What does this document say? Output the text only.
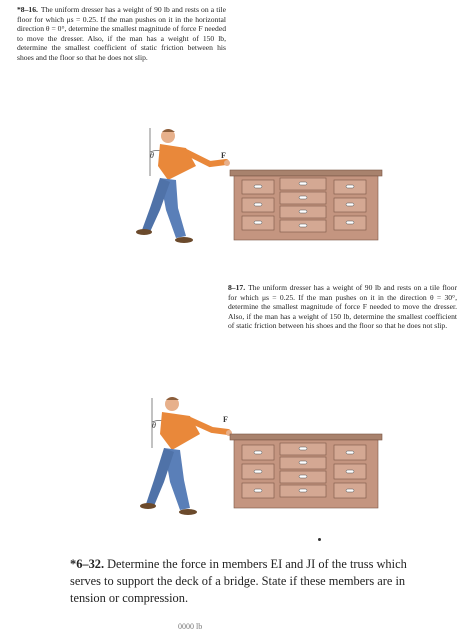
*8–16. The uniform dresser has a weight of 90 lb and rests on a tile floor for which μs = 0.25. If the man pushes on it in the horizontal direction θ = 0°, determine the smallest magnitude of force F needed to move the dresser. Also, if the man has a weight of 150 lb, determine the smallest coefficient of static friction between his shoes and the floor so that he does not slip.

θ	F

8–17. The uniform dresser has a weight of 90 lb and rests on a tile floor for which μs = 0.25. If the man pushes on it in the direction θ = 30°, determine the smallest magnitude of force F needed to move the dresser. Also, if the man has a weight of 150 lb, determine the smallest coefficient of static friction between his shoes and the floor so that he does not slip.

θ
F

*6–32. Determine the force in members EI and JI of the truss which serves to support the deck of a bridge. State if these members are in tension or compression.

0000 lb
